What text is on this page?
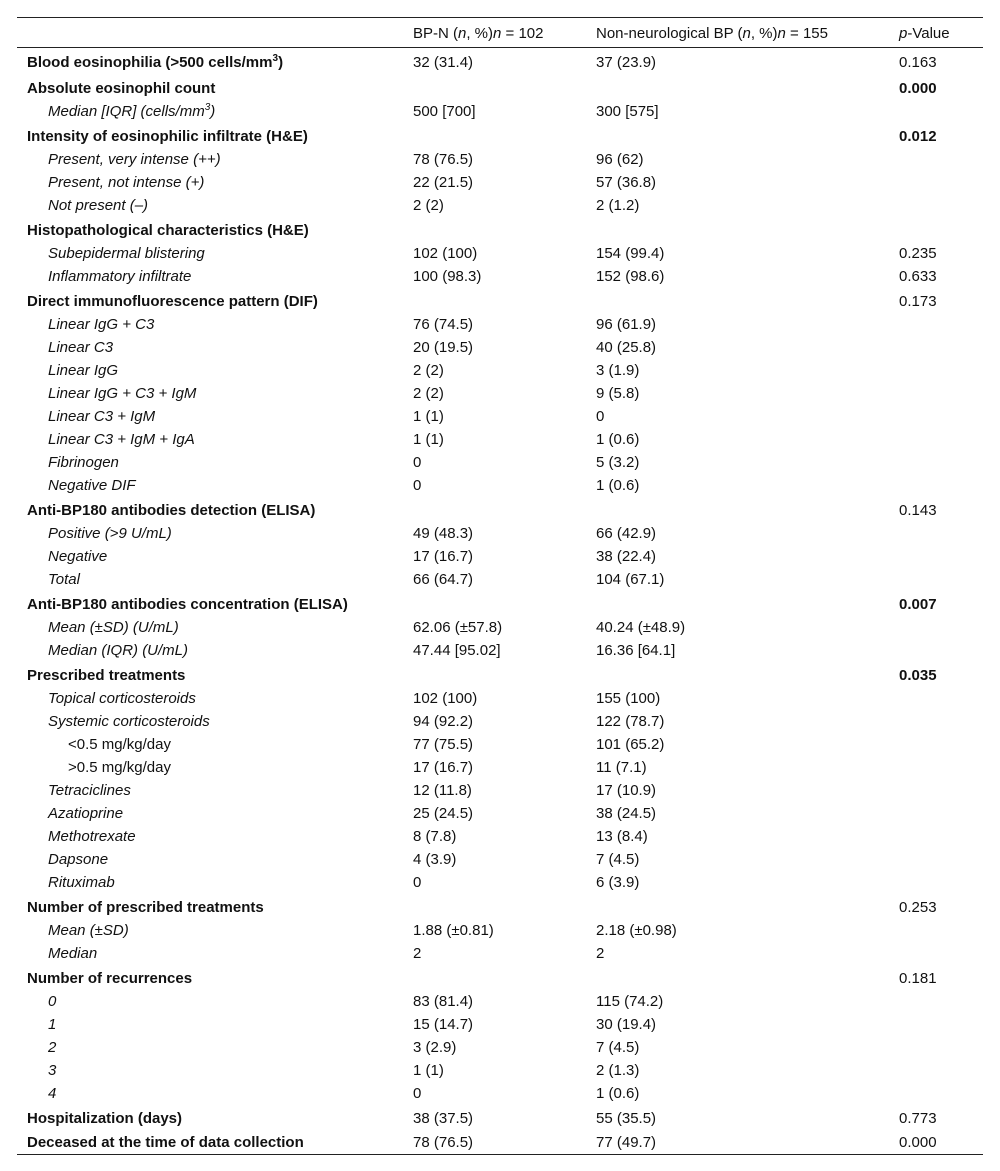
	BP-N (n, %)n = 102	Non-neurological BP (n, %)n = 155	p-Value
Blood eosinophilia (>500 cells/$mm^3$)	32 (31.4)	37 (23.9)	0.163
Absolute eosinophil count			0.000
Median [IQR] $(cells/mm^3)$	500 [700]	300 [575]	
Intensity of eosinophilic infiltrate (H&E)			0.012
Present, very intense (++)	78 (76.5)	96 (62)	
Present, not intense (+)	22 (21.5)	57 (36.8)	
Not present (–)	2 (2)	2 (1.2)	
Histopathological characteristics (H&E)			
Subepidermal blistering	102 (100)	154 (99.4)	0.235
Inflammatory infiltrate	100 (98.3)	152 (98.6)	0.633
Direct immunofluorescence pattern (DIF)			0.173
Linear IgG + C3	76 (74.5)	96 (61.9)	
Linear C3	20 (19.5)	40 (25.8)	
Linear IgG	2 (2)	3 (1.9)	
Linear IgG + C3 + IgM	2 (2)	9 (5.8)	
Linear C3 + IgM	1 (1)	0	
Linear C3 + IgM + IgA	1 (1)	1 (0.6)	
Fibrinogen	0	5 (3.2)	
Negative DIF	0	1 (0.6)	
Anti-BP180 antibodies detection (ELISA)			0.143
Positive (>9 U/mL)	49 (48.3)	66 (42.9)	
Negative	17 (16.7)	38 (22.4)	
Total	66 (64.7)	104 (67.1)	
Anti-BP180 antibodies concentration (ELISA)			0.007
Mean (±SD) (U/mL)	62.06 (±57.8)	40.24 (±48.9)	
Median (IQR) (U/mL)	47.44 [95.02]	16.36 [64.1]	
Prescribed treatments			0.035
Topical corticosteroids	102 (100)	155 (100)	
Systemic corticosteroids	94 (92.2)	122 (78.7)	
<0.5 mg/kg/day	77 (75.5)	101 (65.2)	
>0.5 mg/kg/day	17 (16.7)	11 (7.1)	
Tetraciclines	12 (11.8)	17 (10.9)	
Azatioprine	25 (24.5)	38 (24.5)	
Methotrexate	8 (7.8)	13 (8.4)	
Dapsone	4 (3.9)	7 (4.5)	
Rituximab	0	6 (3.9)	
Number of prescribed treatments			0.253
Mean (±SD)	1.88 (±0.81)	2.18 (±0.98)	
Median	2	2	
Number of recurrences			0.181
0	83 (81.4)	115 (74.2)	
1	15 (14.7)	30 (19.4)	
2	3 (2.9)	7 (4.5)	
3	1 (1)	2 (1.3)	
4	0	1 (0.6)	
Hospitalization (days)	38 (37.5)	55 (35.5)	0.773
Deceased at the time of data collection	78 (76.5)	77 (49.7)	0.000
